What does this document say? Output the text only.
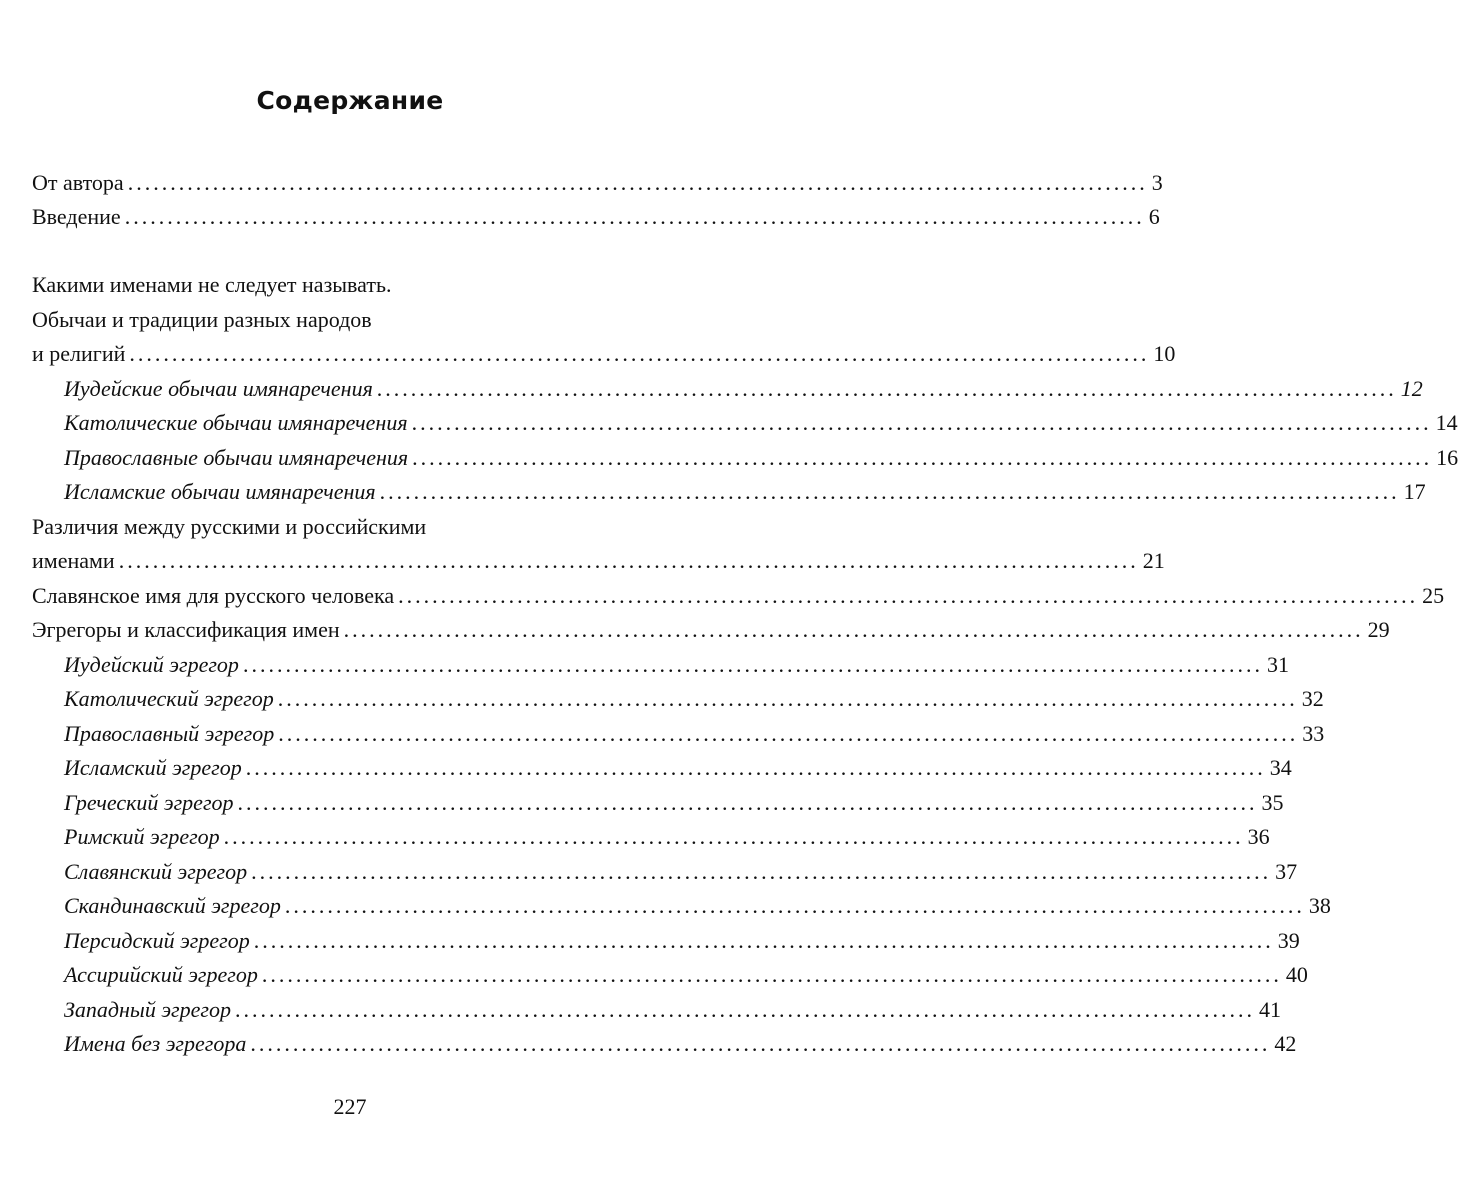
Содержание
От автора ........................................................................................................................ 3
Введение ........................................................................................................................ 6
Какими именами не следует называть.
Обычаи и традиции разных народов
и религий ........................................................................................................................ 10
Иудейские обычаи имянаречения ........................................................................................................................ 12
Католические обычаи имянаречения ........................................................................................................................ 14
Православные обычаи имянаречения ........................................................................................................................ 16
Исламские обычаи имянаречения ........................................................................................................................ 17
Различия между русскими и российскими
именами ........................................................................................................................ 21
Славянское имя для русского человека ........................................................................................................................ 25
Эгрегоры и классификация имен ........................................................................................................................ 29
Иудейский эгрегор ........................................................................................................................ 31
Католический эгрегор ........................................................................................................................ 32
Православный эгрегор ........................................................................................................................ 33
Исламский эгрегор ........................................................................................................................ 34
Греческий эгрегор ........................................................................................................................ 35
Римский эгрегор ........................................................................................................................ 36
Славянский эгрегор ........................................................................................................................ 37
Скандинавский эгрегор ........................................................................................................................ 38
Персидский эгрегор ........................................................................................................................ 39
Ассирийский эгрегор ........................................................................................................................ 40
Западный эгрегор ........................................................................................................................ 41
Имена без эгрегора ........................................................................................................................ 42
227
